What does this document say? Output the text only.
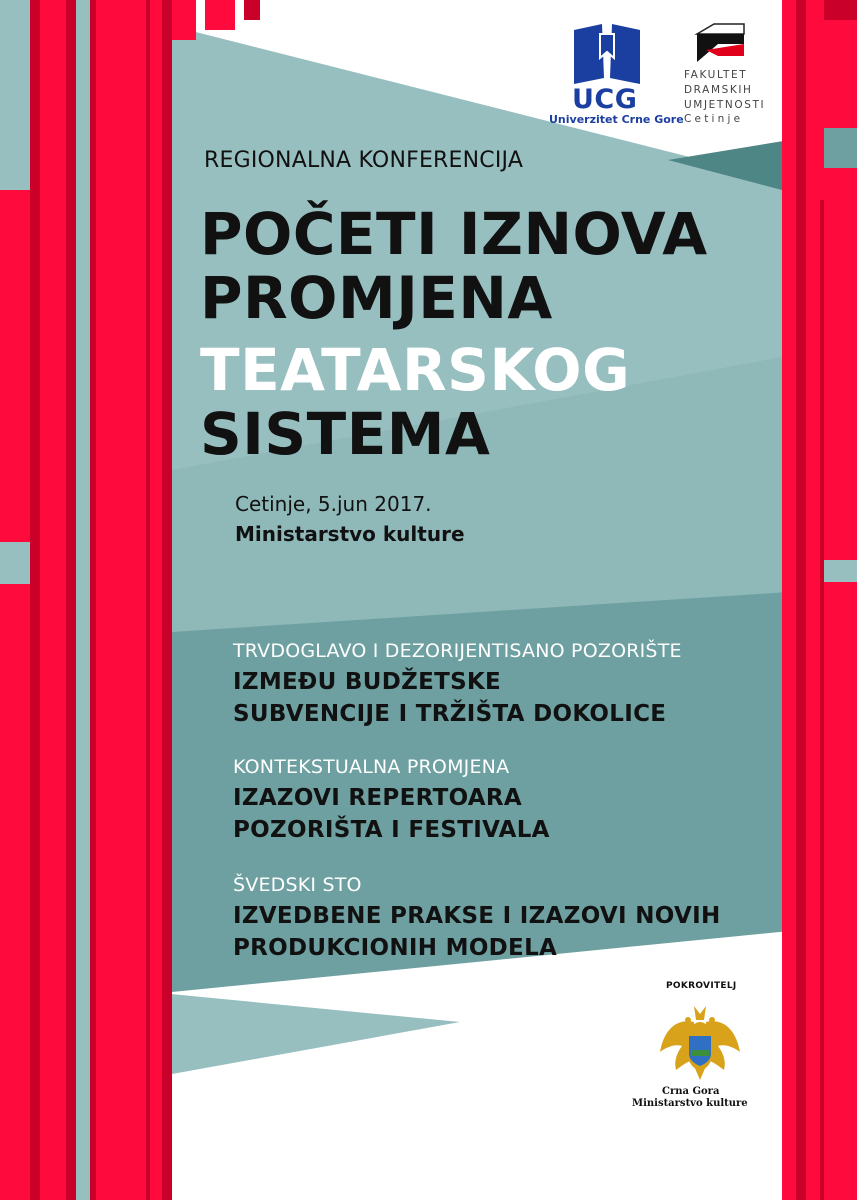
UCG
Univerzitet Crne Gore
FAKULTET
DRAMSKIH
UMJETNOSTI
Cetinje
REGIONALNA KONFERENCIJA
POČETI IZNOVA
PROMJENA
TEATARSKOG
SISTEMA
Cetinje, 5.jun 2017.
Ministarstvo kulture
TRVDOGLAVO I DEZORIJENTISANO POZORIŠTE
IZMEĐU BUDŽETSKE
SUBVENCIJE I TRŽIŠTA DOKOLICE
KONTEKSTUALNA PROMJENA
IZAZOVI REPERTOARA
POZORIŠTA I FESTIVALA
ŠVEDSKI STO
IZVEDBENE PRAKSE I IZAZOVI NOVIH
PRODUKCIONIH MODELA
POKROVITELJ
Crna Gora
Ministarstvo kulture
